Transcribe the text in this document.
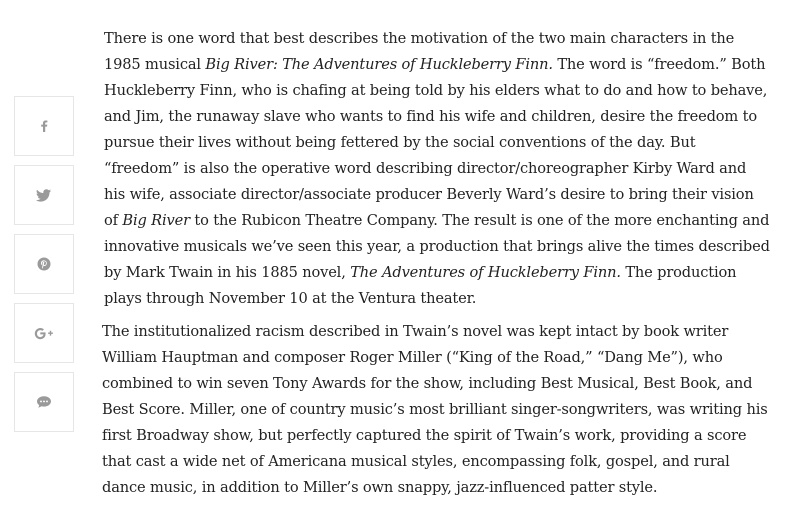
There is one word that best describes the motivation of the two main characters in the 1985 musical Big River: The Adventures of Huckleberry Finn. The word is “freedom.” Both Huckleberry Finn, who is chafing at being told by his elders what to do and how to behave, and Jim, the runaway slave who wants to find his wife and children, desire the freedom to pursue their lives without being fettered by the social conventions of the day. But “freedom” is also the operative word describing director/choreographer Kirby Ward and his wife, associate director/associate producer Beverly Ward’s desire to bring their vision of Big River to the Rubicon Theatre Company. The result is one of the more enchanting and innovative musicals we’ve seen this year, a production that brings alive the times described by Mark Twain in his 1885 novel, The Adventures of Huckleberry Finn. The production plays through November 10 at the Ventura theater.

The institutionalized racism described in Twain’s novel was kept intact by book writer William Hauptman and composer Roger Miller (“King of the Road,” “Dang Me”), who combined to win seven Tony Awards for the show, including Best Musical, Best Book, and Best Score. Miller, one of country music’s most brilliant singer-songwriters, was writing his first Broadway show, but perfectly captured the spirit of Twain’s work, providing a score that cast a wide net of Americana musical styles, encompassing folk, gospel, and rural dance music, in addition to Miller’s own snappy, jazz-influenced patter style.
